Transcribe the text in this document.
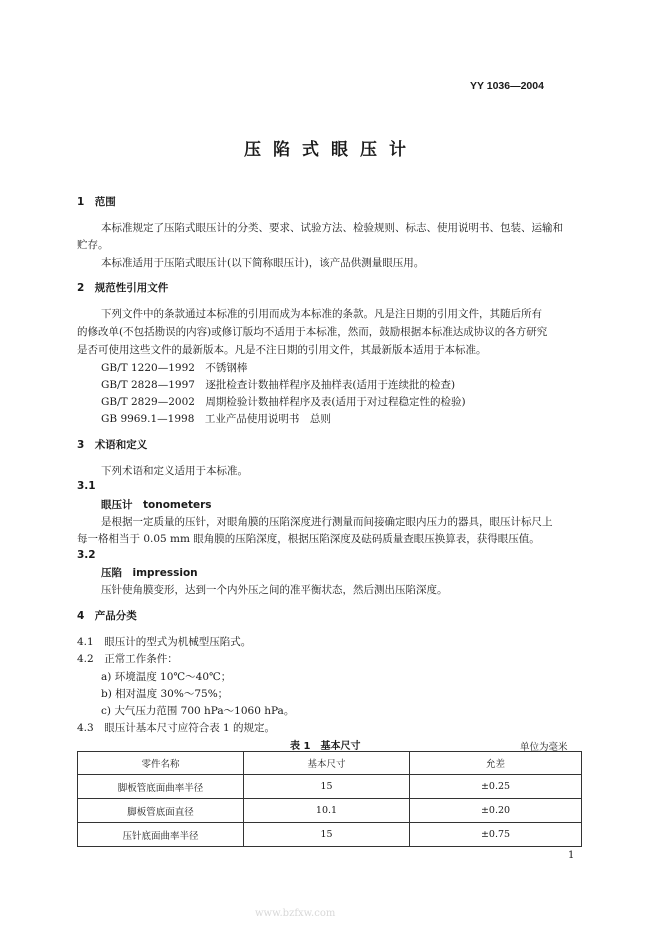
YY 1036—2004
压陷式眼压计
1　范围
本标准规定了压陷式眼压计的分类、要求、试验方法、检验规则、标志、使用说明书、包装、运输和
贮存。
本标准适用于压陷式眼压计(以下简称眼压计)，该产品供测量眼压用。
2　规范性引用文件
下列文件中的条款通过本标准的引用而成为本标准的条款。凡是注日期的引用文件，其随后所有
的修改单(不包括勘误的内容)或修订版均不适用于本标准，然而，鼓励根据本标准达成协议的各方研究
是否可使用这些文件的最新版本。凡是不注日期的引用文件，其最新版本适用于本标准。
GB/T 1220—1992　不锈钢棒
GB/T 2828—1997　逐批检查计数抽样程序及抽样表(适用于连续批的检查)
GB/T 2829—2002　周期检验计数抽样程序及表(适用于对过程稳定性的检验)
GB 9969.1—1998　工业产品使用说明书　总则
3　术语和定义
下列术语和定义适用于本标准。
3.1
眼压计　tonometers
是根据一定质量的压针，对眼角膜的压陷深度进行测量而间接确定眼内压力的器具，眼压计标尺上
每一格相当于 0.05 mm 眼角膜的压陷深度，根据压陷深度及砝码质量查眼压换算表，获得眼压值。
3.2
压陷　impression
压针使角膜变形，达到一个内外压之间的准平衡状态，然后测出压陷深度。
4　产品分类
4.1　眼压计的型式为机械型压陷式。
4.2　正常工作条件：
a) 环境温度 10℃～40℃；
b) 相对温度 30%～75%；
c) 大气压力范围 700 hPa～1060 hPa。
4.3　眼压计基本尺寸应符合表 1 的规定。
表 1　基本尺寸	单位为毫米
零件名称	基本尺寸	允差
脚板管底面曲率半径	15	±0.25
脚板管底面直径	10.1	±0.20
压针底面曲率半径	15	±0.75
1
www.bzfxw.com
